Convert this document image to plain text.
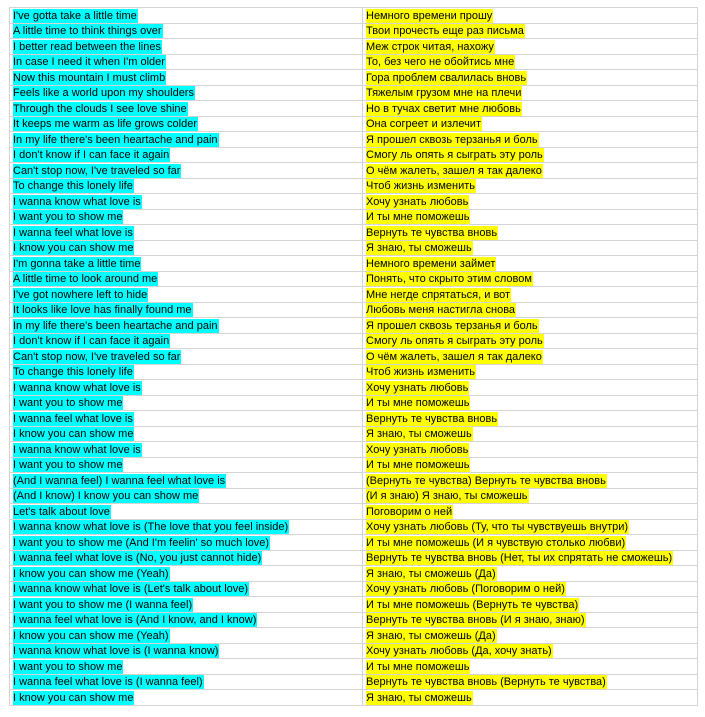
I've gotta take a little time	Немного времени прошу
A little time to think things over	Твои прочесть еще раз письма
I better read between the lines	Меж строк читая, нахожу
In case I need it when I'm older	То, без чего не обойтись мне
Now this mountain I must climb	Гора проблем свалилась вновь
Feels like a world upon my shoulders	Тяжелым грузом мне на плечи
Through the clouds I see love shine	Но в тучах светит мне любовь
It keeps me warm as life grows colder	Она согреет и излечит
In my life there's been heartache and pain	Я прошел сквозь терзанья и боль
I don't know if I can face it again	Смогу ль опять я сыграть эту роль
Can't stop now, I've traveled so far	О чём жалеть, зашел я так далеко
To change this lonely life	Чтоб жизнь изменить
I wanna know what love is	Хочу узнать любовь
I want you to show me	И ты мне поможешь
I wanna feel what love is	Вернуть те чувства вновь
I know you can show me	Я знаю, ты сможешь
I'm gonna take a little time	Немного времени займет
A little time to look around me	Понять, что скрыто этим словом
I've got nowhere left to hide	Мне негде спрятаться, и вот
It looks like love has finally found me	Любовь меня настигла снова
In my life there's been heartache and pain	Я прошел сквозь терзанья и боль
I don't know if I can face it again	Смогу ль опять я сыграть эту роль
Can't stop now, I've traveled so far	О чём жалеть, зашел я так далеко
To change this lonely life	Чтоб жизнь изменить
I wanna know what love is	Хочу узнать любовь
I want you to show me	И ты мне поможешь
I wanna feel what love is	Вернуть те чувства вновь
I know you can show me	Я знаю, ты сможешь
I wanna know what love is	Хочу узнать любовь
I want you to show me	И ты мне поможешь
(And I wanna feel) I wanna feel what love is	(Вернуть те чувства) Вернуть те чувства вновь
(And I know) I know you can show me	(И я знаю) Я знаю, ты сможешь
Let's talk about love	Поговорим о ней
I wanna know what love is (The love that you feel inside)	Хочу узнать любовь (Ту, что ты чувствуешь внутри)
I want you to show me (And I'm feelin' so much love)	И ты мне поможешь (И я чувствую столько любви)
I wanna feel what love is (No, you just cannot hide)	Вернуть те чувства вновь (Нет, ты их спрятать не сможешь)
I know you can show me (Yeah)	Я знаю, ты сможешь (Да)
I wanna know what love is (Let's talk about love)	Хочу узнать любовь (Поговорим о ней)
I want you to show me (I wanna feel)	И ты мне поможешь (Вернуть те чувства)
I wanna feel what love is (And I know, and I know)	Вернуть те чувства вновь (И я знаю, знаю)
I know you can show me (Yeah)	Я знаю, ты сможешь (Да)
I wanna know what love is (I wanna know)	Хочу узнать любовь (Да, хочу знать)
I want you to show me	И ты мне поможешь
I wanna feel what love is (I wanna feel)	Вернуть те чувства вновь (Вернуть те чувства)
I know you can show me	Я знаю, ты сможешь
